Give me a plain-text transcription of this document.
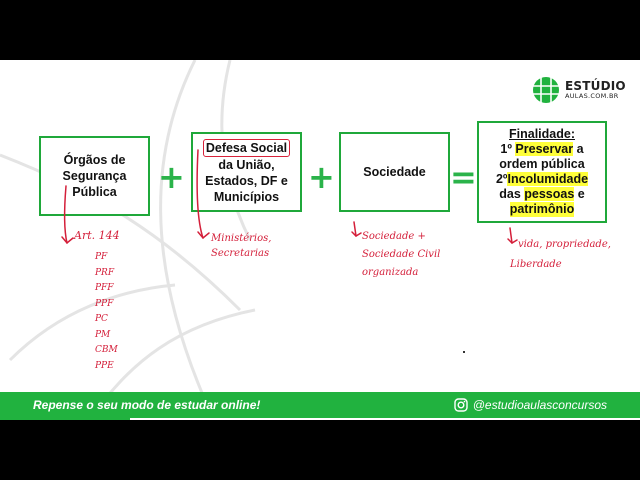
ESTÚDIO
AULAS.COM.BR
Órgãos de
Segurança
Pública +
Defesa Social
da União,
Estados, DF e
Municípios
+ Sociedade =
Finalidade:
1º Preservar a
ordem pública
2ºIncolumidade
das pessoas e
patrimônio
Art. 144
PF
PRF
PFF
PPF
PC
PM
CBM
PPE
Ministérios,
Secretarias
Sociedade +
Sociedade Civil
organizada
vida, propriedade,
Liberdade
Repense o seu modo de estudar online!	@estudioaulasconcursos
